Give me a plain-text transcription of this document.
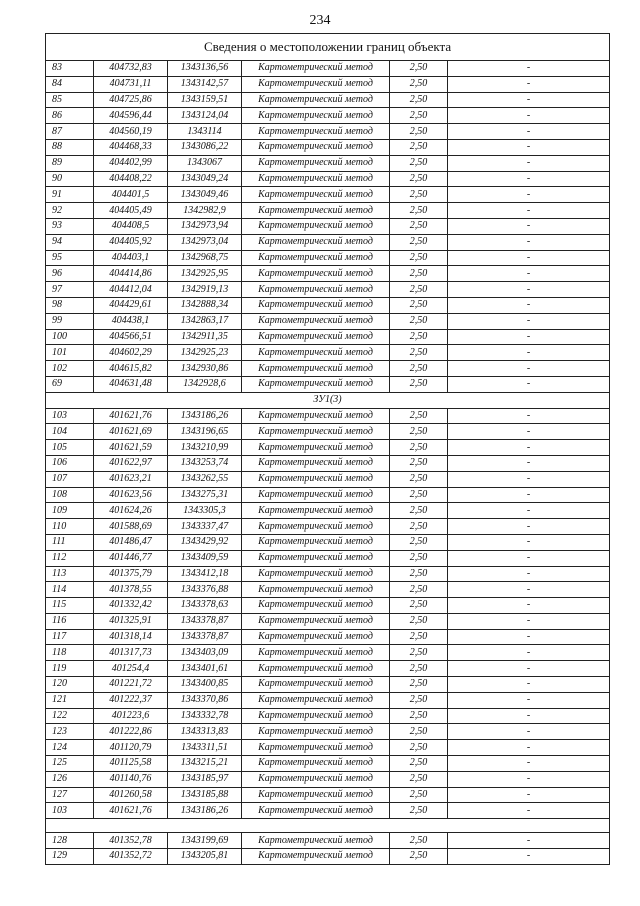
234
Сведения о местоположении границ объекта					
83	404732,83	1343136,56	Картометрический метод	2,50	-
84	404731,11	1343142,57	Картометрический метод	2,50	-
85	404725,86	1343159,51	Картометрический метод	2,50	-
86	404596,44	1343124,04	Картометрический метод	2,50	-
87	404560,19	1343114	Картометрический метод	2,50	-
88	404468,33	1343086,22	Картометрический метод	2,50	-
89	404402,99	1343067	Картометрический метод	2,50	-
90	404408,22	1343049,24	Картометрический метод	2,50	-
91	404401,5	1343049,46	Картометрический метод	2,50	-
92	404405,49	1342982,9	Картометрический метод	2,50	-
93	404408,5	1342973,94	Картометрический метод	2,50	-
94	404405,92	1342973,04	Картометрический метод	2,50	-
95	404403,1	1342968,75	Картометрический метод	2,50	-
96	404414,86	1342925,95	Картометрический метод	2,50	-
97	404412,04	1342919,13	Картометрический метод	2,50	-
98	404429,61	1342888,34	Картометрический метод	2,50	-
99	404438,1	1342863,17	Картометрический метод	2,50	-
100	404566,51	1342911,35	Картометрический метод	2,50	-
101	404602,29	1342925,23	Картометрический метод	2,50	-
102	404615,82	1342930,86	Картометрический метод	2,50	-
69	404631,48	1342928,6	Картометрический метод	2,50	-
ЗУ1(3)					
103	401621,76	1343186,26	Картометрический метод	2,50	-
104	401621,69	1343196,65	Картометрический метод	2,50	-
105	401621,59	1343210,99	Картометрический метод	2,50	-
106	401622,97	1343253,74	Картометрический метод	2,50	-
107	401623,21	1343262,55	Картометрический метод	2,50	-
108	401623,56	1343275,31	Картометрический метод	2,50	-
109	401624,26	1343305,3	Картометрический метод	2,50	-
110	401588,69	1343337,47	Картометрический метод	2,50	-
111	401486,47	1343429,92	Картометрический метод	2,50	-
112	401446,77	1343409,59	Картометрический метод	2,50	-
113	401375,79	1343412,18	Картометрический метод	2,50	-
114	401378,55	1343376,88	Картометрический метод	2,50	-
115	401332,42	1343378,63	Картометрический метод	2,50	-
116	401325,91	1343378,87	Картометрический метод	2,50	-
117	401318,14	1343378,87	Картометрический метод	2,50	-
118	401317,73	1343403,09	Картометрический метод	2,50	-
119	401254,4	1343401,61	Картометрический метод	2,50	-
120	401221,72	1343400,85	Картометрический метод	2,50	-
121	401222,37	1343370,86	Картометрический метод	2,50	-
122	401223,6	1343332,78	Картометрический метод	2,50	-
123	401222,86	1343313,83	Картометрический метод	2,50	-
124	401120,79	1343311,51	Картометрический метод	2,50	-
125	401125,58	1343215,21	Картометрический метод	2,50	-
126	401140,76	1343185,97	Картометрический метод	2,50	-
127	401260,58	1343185,88	Картометрический метод	2,50	-
103	401621,76	1343186,26	Картометрический метод	2,50	-

128	401352,78	1343199,69	Картометрический метод	2,50	-
129	401352,72	1343205,81	Картометрический метод	2,50	-
